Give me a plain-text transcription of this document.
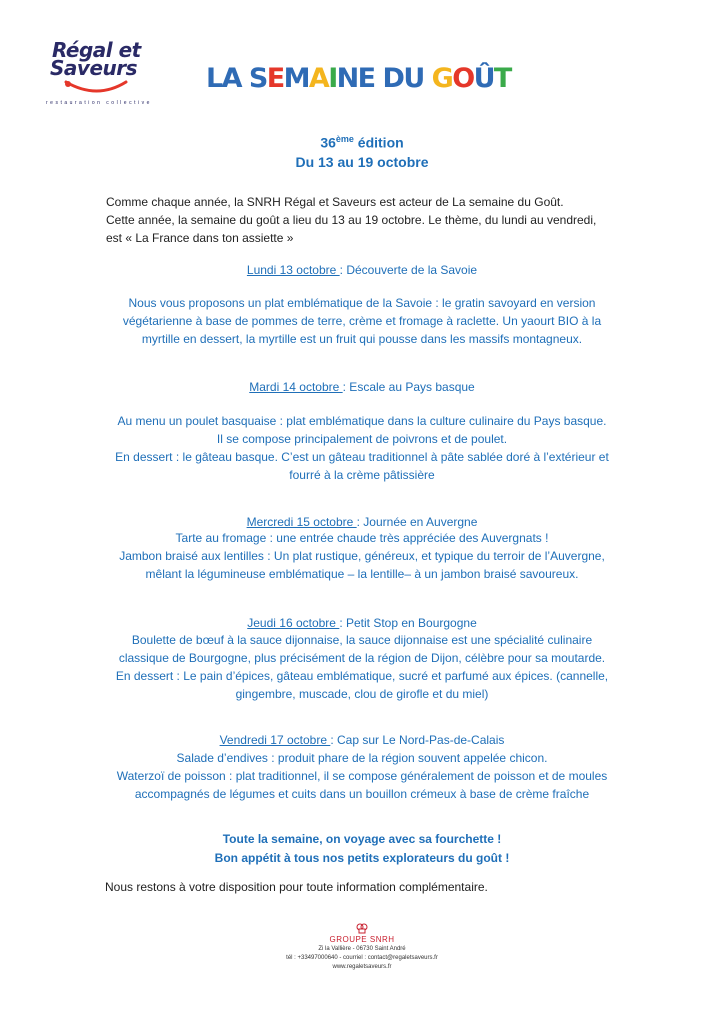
Régal et
Saveurs
restauration collective
LA SEMAINE DU GOÛT
36ème édition
Du 13 au 19 octobre

Comme chaque année, la SNRH Régal et Saveurs est acteur de La semaine du Goût.

Cette année, la semaine du goût a lieu du 13 au 19 octobre. Le thème, du lundi au vendredi,

est « La France dans ton assiette »

Lundi 13 octobre : Découverte de la Savoie

Nous vous proposons un plat emblématique de la Savoie : le gratin savoyard en version

végétarienne à base de pommes de terre, crème et fromage à raclette. Un yaourt BIO à la

myrtille en dessert, la myrtille est un fruit qui pousse dans les massifs montagneux.

Mardi 14 octobre : Escale au Pays basque

Au menu un poulet basquaise : plat emblématique dans la culture culinaire du Pays basque.

Il se compose principalement de poivrons et de poulet.

En dessert : le gâteau basque. C’est un gâteau traditionnel à pâte sablée doré à l’extérieur et

fourré à la crème pâtissière

Mercredi 15 octobre : Journée en Auvergne

Tarte au fromage : une entrée chaude très appréciée des Auvergnats !

Jambon braisé aux lentilles : Un plat rustique, généreux, et typique du terroir de l’Auvergne,

mêlant la légumineuse emblématique – la lentille– à un jambon braisé savoureux.

Jeudi 16 octobre : Petit Stop en Bourgogne

Boulette de bœuf à la sauce dijonnaise, la sauce dijonnaise est une spécialité culinaire

classique de Bourgogne, plus précisément de la région de Dijon, célèbre pour sa moutarde.

En dessert : Le pain d’épices, gâteau emblématique, sucré et parfumé aux épices. (cannelle,

gingembre, muscade, clou de girofle et du miel)

Vendredi 17 octobre : Cap sur Le Nord-Pas-de-Calais

Salade d’endives : produit phare de la région souvent appelée chicon.

Waterzoï de poisson : plat traditionnel, il se compose généralement de poisson et de moules

accompagnés de légumes et cuits dans un bouillon crémeux à base de crème fraîche

Toute la semaine, on voyage avec sa fourchette !

Bon appétit à tous nos petits explorateurs du goût !

Nous restons à votre disposition pour toute information complémentaire.
GROUPE SNRH
Zi la Vallière - 06730 Saint André
tél : +33497000640 - courriel : contact@regaletsaveurs.fr
www.regaletsaveurs.fr
